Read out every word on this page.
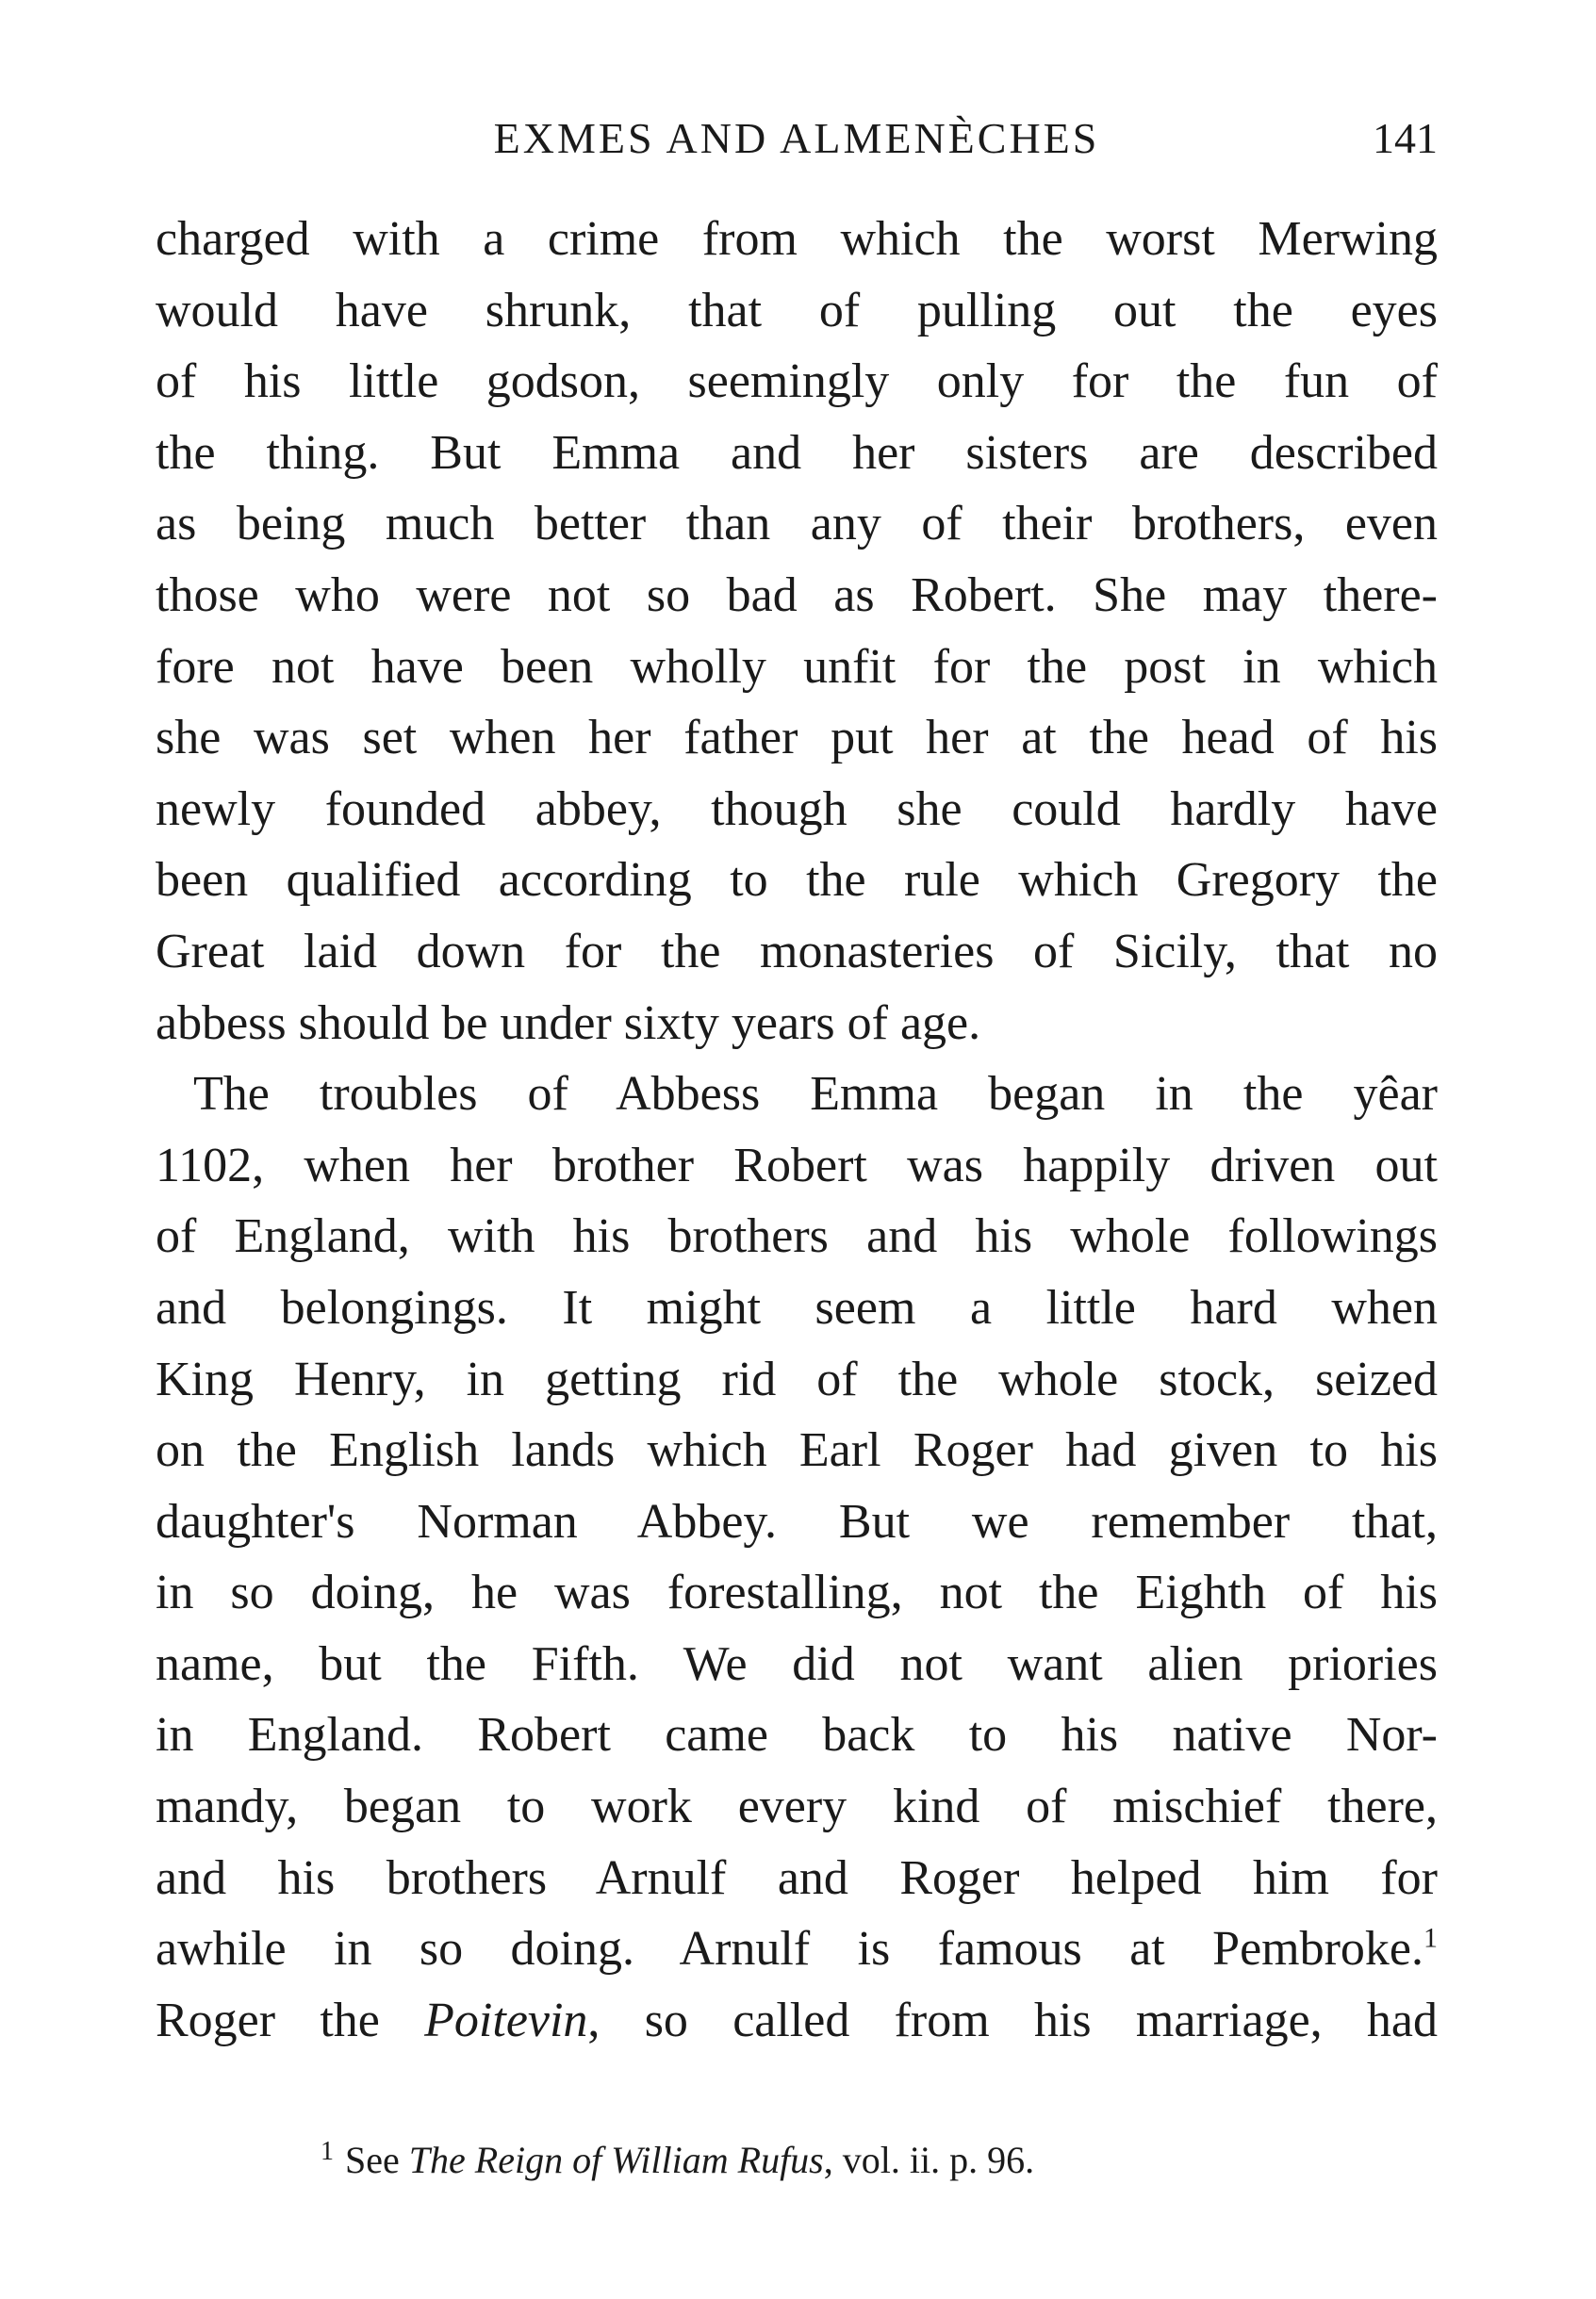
EXMES AND ALMENÈCHES	141
charged with a crime from which the worst Merwing
would have shrunk, that of pulling out the eyes
of his little godson, seemingly only for the fun of
the thing. But Emma and her sisters are described
as being much better than any of their brothers, even
those who were not so bad as Robert. She may there-
fore not have been wholly unfit for the post in which
she was set when her father put her at the head of his
newly founded abbey, though she could hardly have
been qualified according to the rule which Gregory the
Great laid down for the monasteries of Sicily, that no
abbess should be under sixty years of age.
The troubles of Abbess Emma began in the yêar
1102, when her brother Robert was happily driven out
of England, with his brothers and his whole followings
and belongings. It might seem a little hard when
King Henry, in getting rid of the whole stock, seized
on the English lands which Earl Roger had given to his
daughter's Norman Abbey. But we remember that,
in so doing, he was forestalling, not the Eighth of his
name, but the Fifth. We did not want alien priories
in England. Robert came back to his native Nor-
mandy, began to work every kind of mischief there,
and his brothers Arnulf and Roger helped him for
awhile in so doing. Arnulf is famous at Pembroke.$^1$
Roger the Poitevin, so called from his marriage, had
$^1$ See The Reign of William Rufus, vol. ii. p. 96.
